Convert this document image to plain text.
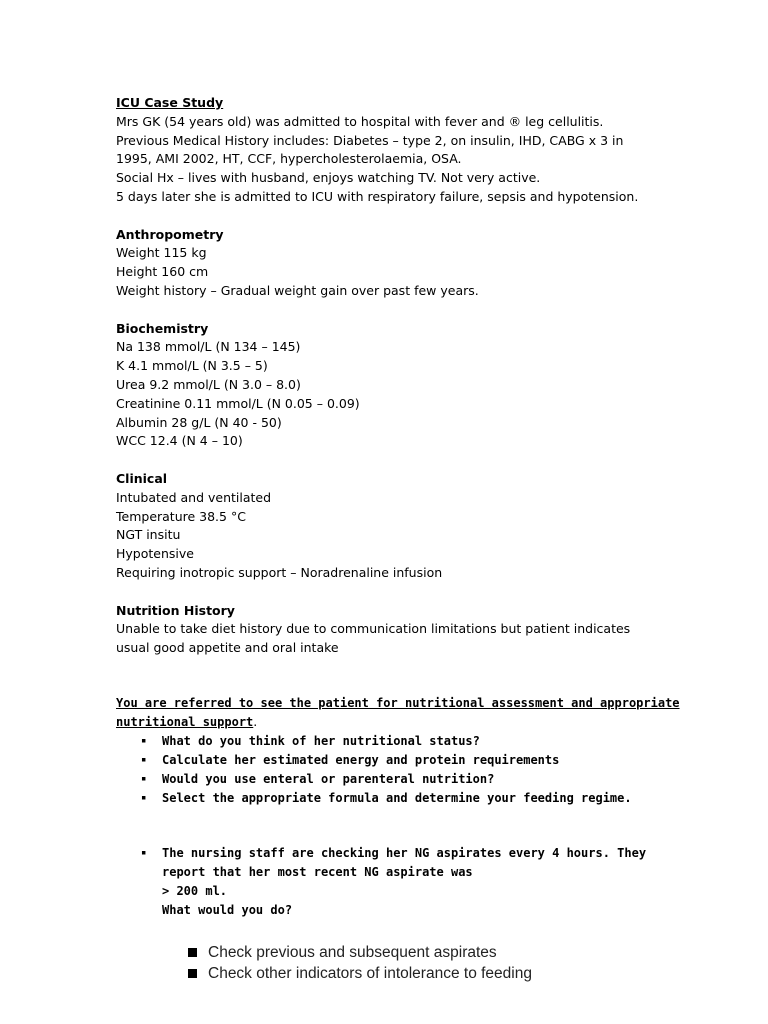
ICU Case Study
Mrs GK (54 years old) was admitted to hospital with fever and ® leg cellulitis.
Previous Medical History includes: Diabetes – type 2, on insulin, IHD, CABG x 3 in
1995, AMI 2002, HT, CCF, hypercholesterolaemia, OSA.
Social Hx – lives with husband, enjoys watching TV. Not very active.
5 days later she is admitted to ICU with respiratory failure, sepsis and hypotension.
Anthropometry
Weight 115 kg
Height 160 cm
Weight history – Gradual weight gain over past few years.
Biochemistry
Na 138 mmol/L (N 134 – 145)
K 4.1 mmol/L (N 3.5 – 5)
Urea 9.2 mmol/L (N 3.0 – 8.0)
Creatinine 0.11 mmol/L (N 0.05 – 0.09)
Albumin 28 g/L (N 40 - 50)
WCC 12.4 (N 4 – 10)
Clinical
Intubated and ventilated
Temperature 38.5 °C
NGT insitu
Hypotensive
Requiring inotropic support – Noradrenaline infusion
Nutrition History
Unable to take diet history due to communication limitations but patient indicates
usual good appetite and oral intake
You are referred to see the patient for nutritional assessment and appropriate
nutritional support.
▪ What do you think of her nutritional status?
▪ Calculate her estimated energy and protein requirements
▪ Would you use enteral or parenteral nutrition?
▪ Select the appropriate formula and determine your feeding regime.
▪ The nursing staff are checking her NG aspirates every 4 hours. They
report that her most recent NG aspirate was
> 200 ml.
What would you do?
Check previous and subsequent aspirates
Check other indicators of intolerance to feeding
